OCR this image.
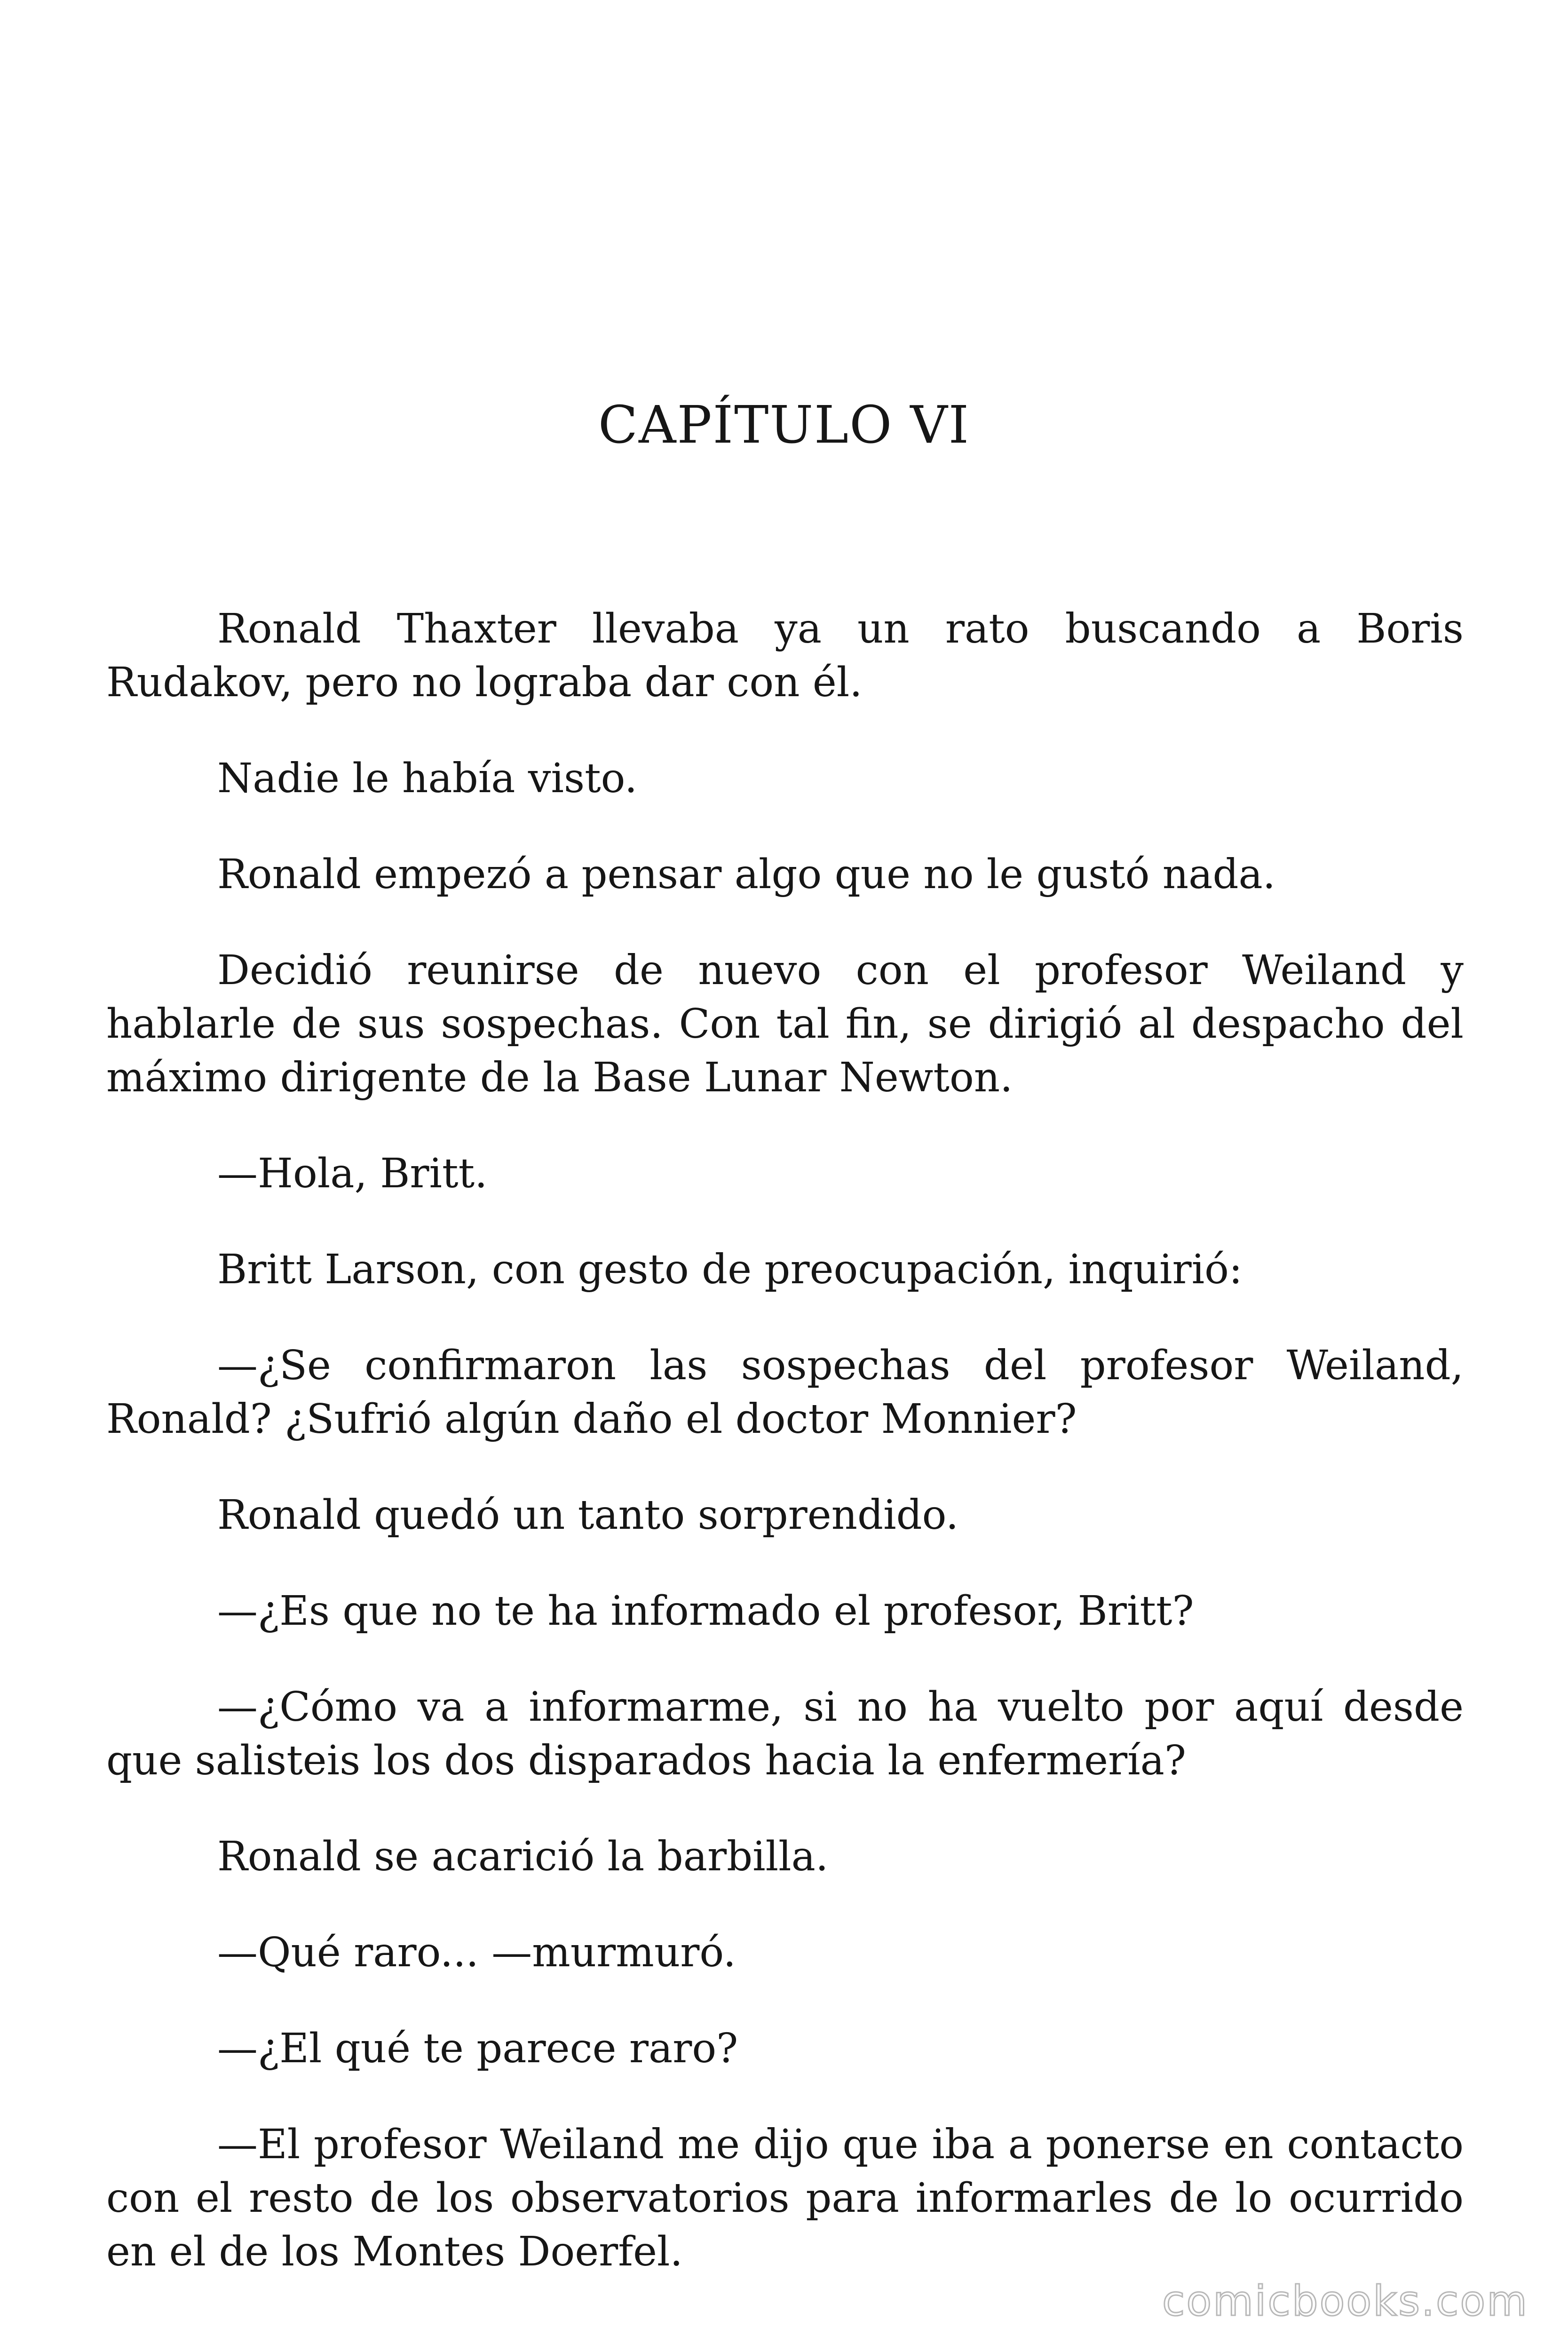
CAPÍTULO VI

Ronald Thaxter llevaba ya un rato buscando a Boris Rudakov, pero no lograba dar con él.

Nadie le había visto.

Ronald empezó a pensar algo que no le gustó nada.

Decidió reunirse de nuevo con el profesor Weiland y hablarle de sus sospechas. Con tal fin, se dirigió al despacho del máximo dirigente de la Base Lunar Newton.

—Hola, Britt.

Britt Larson, con gesto de preocupación, inquirió:

—¿Se confirmaron las sospechas del profesor Weiland, Ronald? ¿Sufrió algún daño el doctor Monnier?

Ronald quedó un tanto sorprendido.

—¿Es que no te ha informado el profesor, Britt?

—¿Cómo va a informarme, si no ha vuelto por aquí desde que salisteis los dos disparados hacia la enfermería?

Ronald se acarició la barbilla.

—Qué raro... —murmuró.

—¿El qué te parece raro?

—El profesor Weiland me dijo que iba a ponerse en contacto con el resto de los observatorios para informarles de lo ocurrido en el de los Montes Doerfel.

comicbooks.com
